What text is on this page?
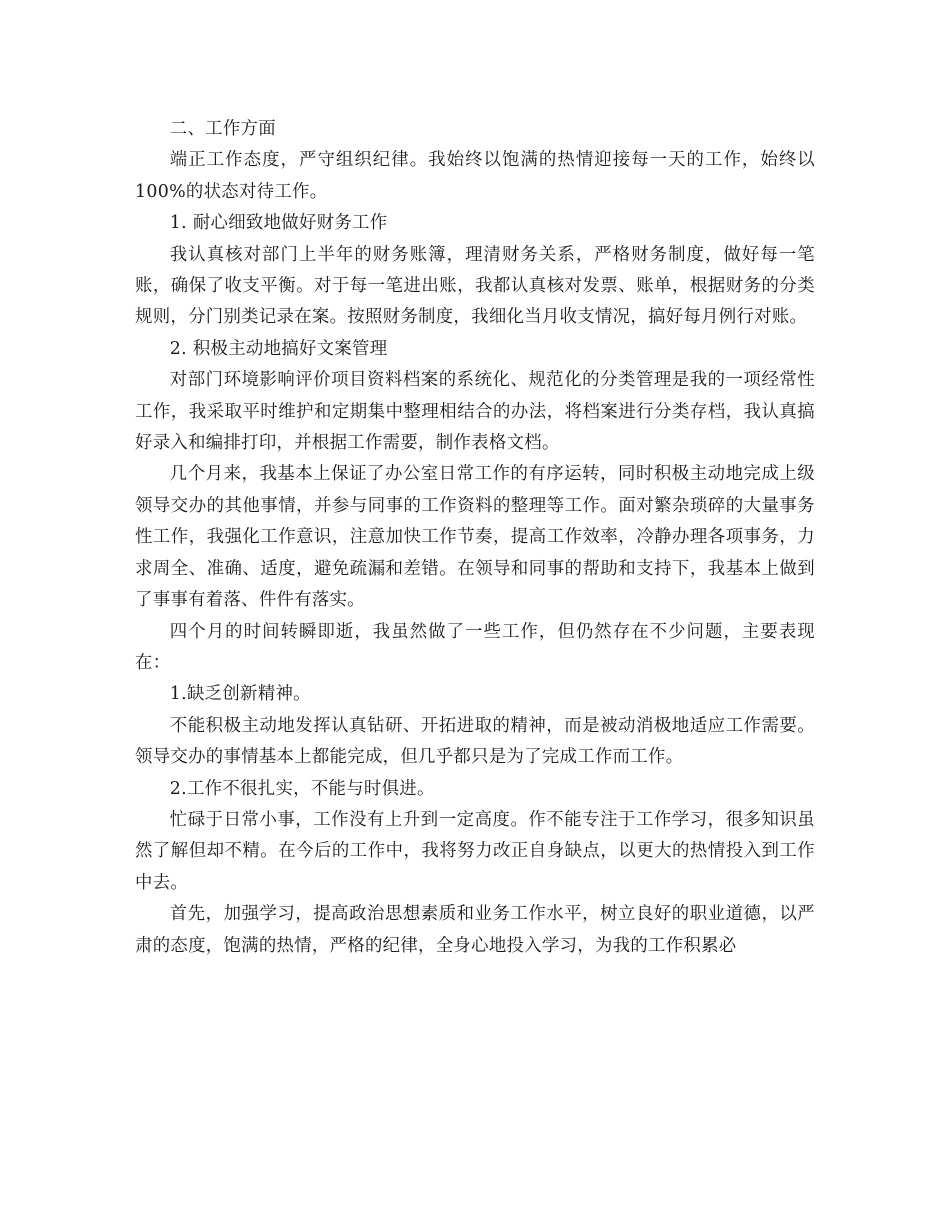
二、工作方面

端正工作态度，严守组织纪律。我始终以饱满的热情迎接每一天的工作，始终以100%的状态对待工作。

1. 耐心细致地做好财务工作

我认真核对部门上半年的财务账簿，理清财务关系，严格财务制度，做好每一笔账，确保了收支平衡。对于每一笔进出账，我都认真核对发票、账单，根据财务的分类规则，分门别类记录在案。按照财务制度，我细化当月收支情况，搞好每月例行对账。

2. 积极主动地搞好文案管理

对部门环境影响评价项目资料档案的系统化、规范化的分类管理是我的一项经常性工作，我采取平时维护和定期集中整理相结合的办法，将档案进行分类存档，我认真搞好录入和编排打印，并根据工作需要，制作表格文档。

几个月来，我基本上保证了办公室日常工作的有序运转，同时积极主动地完成上级领导交办的其他事情，并参与同事的工作资料的整理等工作。面对繁杂琐碎的大量事务性工作，我强化工作意识，注意加快工作节奏，提高工作效率，冷静办理各项事务，力求周全、准确、适度，避免疏漏和差错。在领导和同事的帮助和支持下，我基本上做到了事事有着落、件件有落实。

四个月的时间转瞬即逝，我虽然做了一些工作，但仍然存在不少问题，主要表现在：

1.缺乏创新精神。

不能积极主动地发挥认真钻研、开拓进取的精神，而是被动消极地适应工作需要。领导交办的事情基本上都能完成，但几乎都只是为了完成工作而工作。

2.工作不很扎实，不能与时俱进。

忙碌于日常小事，工作没有上升到一定高度。作不能专注于工作学习，很多知识虽然了解但却不精。在今后的工作中，我将努力改正自身缺点，以更大的热情投入到工作中去。

首先，加强学习，提高政治思想素质和业务工作水平，树立良好的职业道德，以严肃的态度，饱满的热情，严格的纪律，全身心地投入学习，为我的工作积累必
